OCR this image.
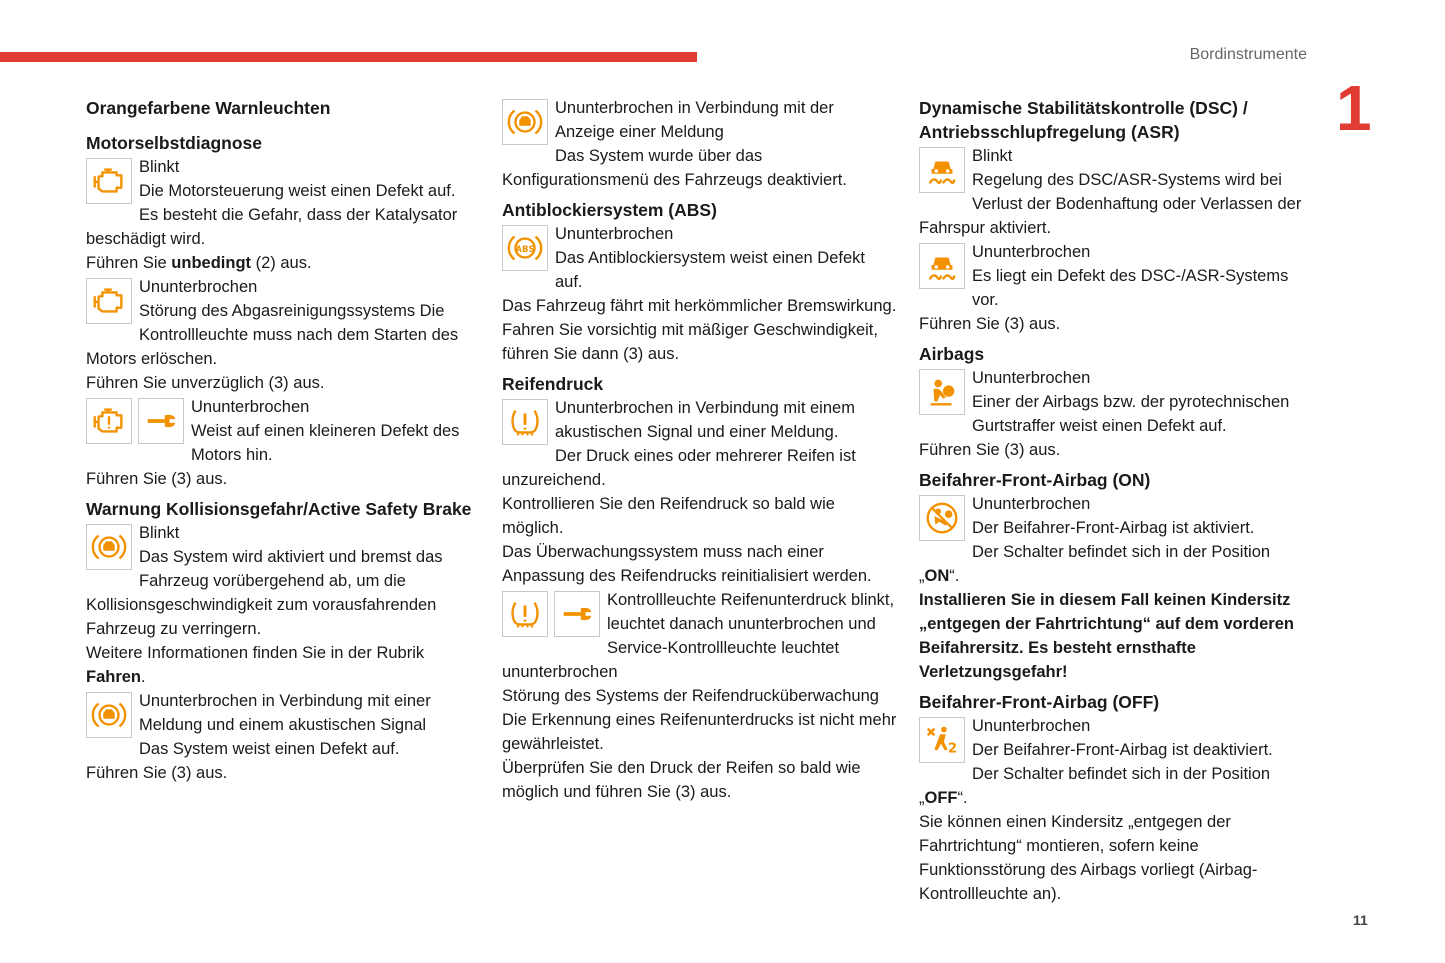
Bordinstrumente
1
11
Orangefarbene Warnleuchten
Motorselbstdiagnose

Blinkt

Die Motorsteuerung weist einen Defekt auf. Es besteht die Gefahr, dass der Katalysator beschädigt wird.

Führen Sie unbedingt (2) aus.

Ununterbrochen

Störung des Abgasreinigungssystems Die Kontrollleuchte muss nach dem Starten des Motors erlöschen.

Führen Sie unverzüglich (3) aus.

Ununterbrochen

Weist auf einen kleineren Defekt des Motors hin.

Führen Sie (3) aus.

Warnung Kollisionsgefahr/Active Safety Brake

Blinkt

Das System wird aktiviert und bremst das Fahrzeug vorübergehend ab, um die Kollisionsgeschwindigkeit zum vorausfahrenden Fahrzeug zu verringern.

Weitere Informationen finden Sie in der Rubrik Fahren.

Ununterbrochen in Verbindung mit einer Meldung und einem akustischen Signal

Das System weist einen Defekt auf.

Führen Sie (3) aus.

Ununterbrochen in Verbindung mit der Anzeige einer Meldung

Das System wurde über das Konfigurationsmenü des Fahrzeugs deaktiviert.

Antiblockiersystem (ABS)
ABS

Ununterbrochen

Das Antiblockiersystem weist einen Defekt auf.

Das Fahrzeug fährt mit herkömmlicher Bremswirkung.

Fahren Sie vorsichtig mit mäßiger Geschwindigkeit, führen Sie dann (3) aus.

Reifendruck

Ununterbrochen in Verbindung mit einem akustischen Signal und einer Meldung.

Der Druck eines oder mehrerer Reifen ist unzureichend.

Kontrollieren Sie den Reifendruck so bald wie möglich.

Das Überwachungssystem muss nach einer Anpassung des Reifendrucks reinitialisiert werden.

Kontrollleuchte Reifenunterdruck blinkt, leuchtet danach ununterbrochen und Service-Kontrollleuchte leuchtet ununterbrochen

Störung des Systems der Reifendrucküberwachung

Die Erkennung eines Reifenunterdrucks ist nicht mehr gewährleistet.

Überprüfen Sie den Druck der Reifen so bald wie möglich und führen Sie (3) aus.

Dynamische Stabilitätskontrolle (DSC) / Antriebsschlupfregelung (ASR)

Blinkt

Regelung des DSC/ASR-Systems wird bei Verlust der Bodenhaftung oder Verlassen der Fahrspur aktiviert.

Ununterbrochen

Es liegt ein Defekt des DSC-/ASR-Systems vor.

Führen Sie (3) aus.

Airbags

Ununterbrochen

Einer der Airbags bzw. der pyrotechnischen Gurtstraffer weist einen Defekt auf.

Führen Sie (3) aus.

Beifahrer-Front-Airbag (ON)

Ununterbrochen

Der Beifahrer-Front-Airbag ist aktiviert.

Der Schalter befindet sich in der Position „ON“.

Installieren Sie in diesem Fall keinen Kindersitz „entgegen der Fahrtrichtung“ auf dem vorderen Beifahrersitz. Es besteht ernsthafte Verletzungsgefahr!

Beifahrer-Front-Airbag (OFF)
2

Ununterbrochen

Der Beifahrer-Front-Airbag ist deaktiviert.

Der Schalter befindet sich in der Position „OFF“.

Sie können einen Kindersitz „entgegen der Fahrtrichtung“ montieren, sofern keine Funktionsstörung des Airbags vorliegt (Airbag-Kontrollleuchte an).
